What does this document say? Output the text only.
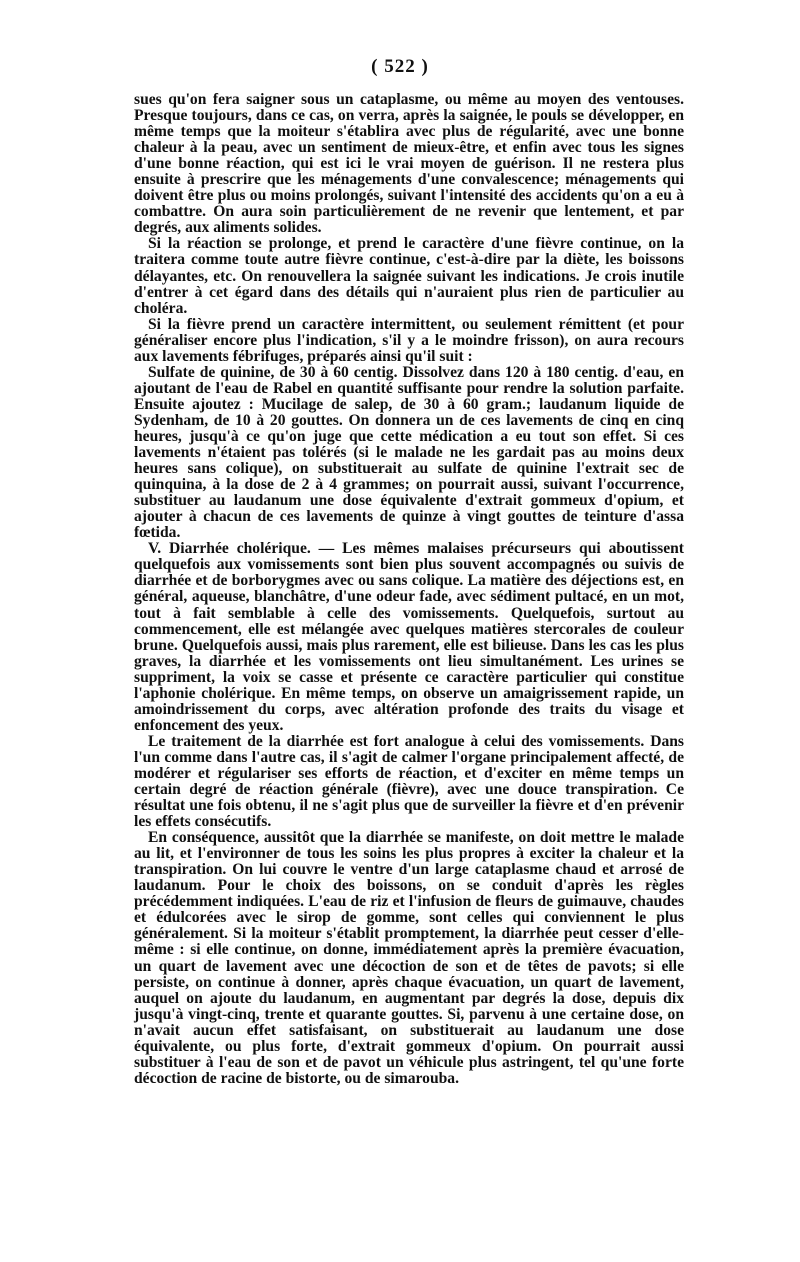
( 522 )

sues qu'on fera saigner sous un cataplasme, ou même au moyen des ventouses. Presque toujours, dans ce cas, on verra, après la saignée, le pouls se développer, en même temps que la moiteur s'établira avec plus de régularité, avec une bonne chaleur à la peau, avec un sentiment de mieux-être, et enfin avec tous les signes d'une bonne réaction, qui est ici le vrai moyen de guérison. Il ne restera plus ensuite à prescrire que les ménagements d'une convalescence; ménagements qui doivent être plus ou moins prolongés, suivant l'intensité des accidents qu'on a eu à combattre. On aura soin particulièrement de ne revenir que lentement, et par degrés, aux aliments solides.

Si la réaction se prolonge, et prend le caractère d'une fièvre continue, on la traitera comme toute autre fièvre continue, c'est-à-dire par la diète, les boissons délayantes, etc. On renouvellera la saignée suivant les indications. Je crois inutile d'entrer à cet égard dans des détails qui n'auraient plus rien de particulier au choléra.

Si la fièvre prend un caractère intermittent, ou seulement rémittent (et pour généraliser encore plus l'indication, s'il y a le moindre frisson), on aura recours aux lavements fébrifuges, préparés ainsi qu'il suit :

Sulfate de quinine, de 30 à 60 centig. Dissolvez dans 120 à 180 centig. d'eau, en ajoutant de l'eau de Rabel en quantité suffisante pour rendre la solution parfaite. Ensuite ajoutez : Mucilage de salep, de 30 à 60 gram.; laudanum liquide de Sydenham, de 10 à 20 gouttes. On donnera un de ces lavements de cinq en cinq heures, jusqu'à ce qu'on juge que cette médication a eu tout son effet. Si ces lavements n'étaient pas tolérés (si le malade ne les gardait pas au moins deux heures sans colique), on substituerait au sulfate de quinine l'extrait sec de quinquina, à la dose de 2 à 4 grammes; on pourrait aussi, suivant l'occurrence, substituer au laudanum une dose équivalente d'extrait gommeux d'opium, et ajouter à chacun de ces lavements de quinze à vingt gouttes de teinture d'assa fœtida.

V. Diarrhée cholérique. — Les mêmes malaises précurseurs qui aboutissent quelquefois aux vomissements sont bien plus souvent accompagnés ou suivis de diarrhée et de borborygmes avec ou sans colique. La matière des déjections est, en général, aqueuse, blanchâtre, d'une odeur fade, avec sédiment pultacé, en un mot, tout à fait semblable à celle des vomissements. Quelquefois, surtout au commencement, elle est mélangée avec quelques matières stercorales de couleur brune. Quelquefois aussi, mais plus rarement, elle est bilieuse. Dans les cas les plus graves, la diarrhée et les vomissements ont lieu simultanément. Les urines se suppriment, la voix se casse et présente ce caractère particulier qui constitue l'aphonie cholérique. En même temps, on observe un amaigrissement rapide, un amoindrissement du corps, avec altération profonde des traits du visage et enfoncement des yeux.

Le traitement de la diarrhée est fort analogue à celui des vomissements. Dans l'un comme dans l'autre cas, il s'agit de calmer l'organe principalement affecté, de modérer et régulariser ses efforts de réaction, et d'exciter en même temps un certain degré de réaction générale (fièvre), avec une douce transpiration. Ce résultat une fois obtenu, il ne s'agit plus que de surveiller la fièvre et d'en prévenir les effets consécutifs.

En conséquence, aussitôt que la diarrhée se manifeste, on doit mettre le malade au lit, et l'environner de tous les soins les plus propres à exciter la chaleur et la transpiration. On lui couvre le ventre d'un large cataplasme chaud et arrosé de laudanum. Pour le choix des boissons, on se conduit d'après les règles précédemment indiquées. L'eau de riz et l'infusion de fleurs de guimauve, chaudes et édulcorées avec le sirop de gomme, sont celles qui conviennent le plus généralement. Si la moiteur s'établit promptement, la diarrhée peut cesser d'elle-même : si elle continue, on donne, immédiatement après la première évacuation, un quart de lavement avec une décoction de son et de têtes de pavots; si elle persiste, on continue à donner, après chaque évacuation, un quart de lavement, auquel on ajoute du laudanum, en augmentant par degrés la dose, depuis dix jusqu'à vingt-cinq, trente et quarante gouttes. Si, parvenu à une certaine dose, on n'avait aucun effet satisfaisant, on substituerait au laudanum une dose équivalente, ou plus forte, d'extrait gommeux d'opium. On pourrait aussi substituer à l'eau de son et de pavot un véhicule plus astringent, tel qu'une forte décoction de racine de bistorte, ou de simarouba.
